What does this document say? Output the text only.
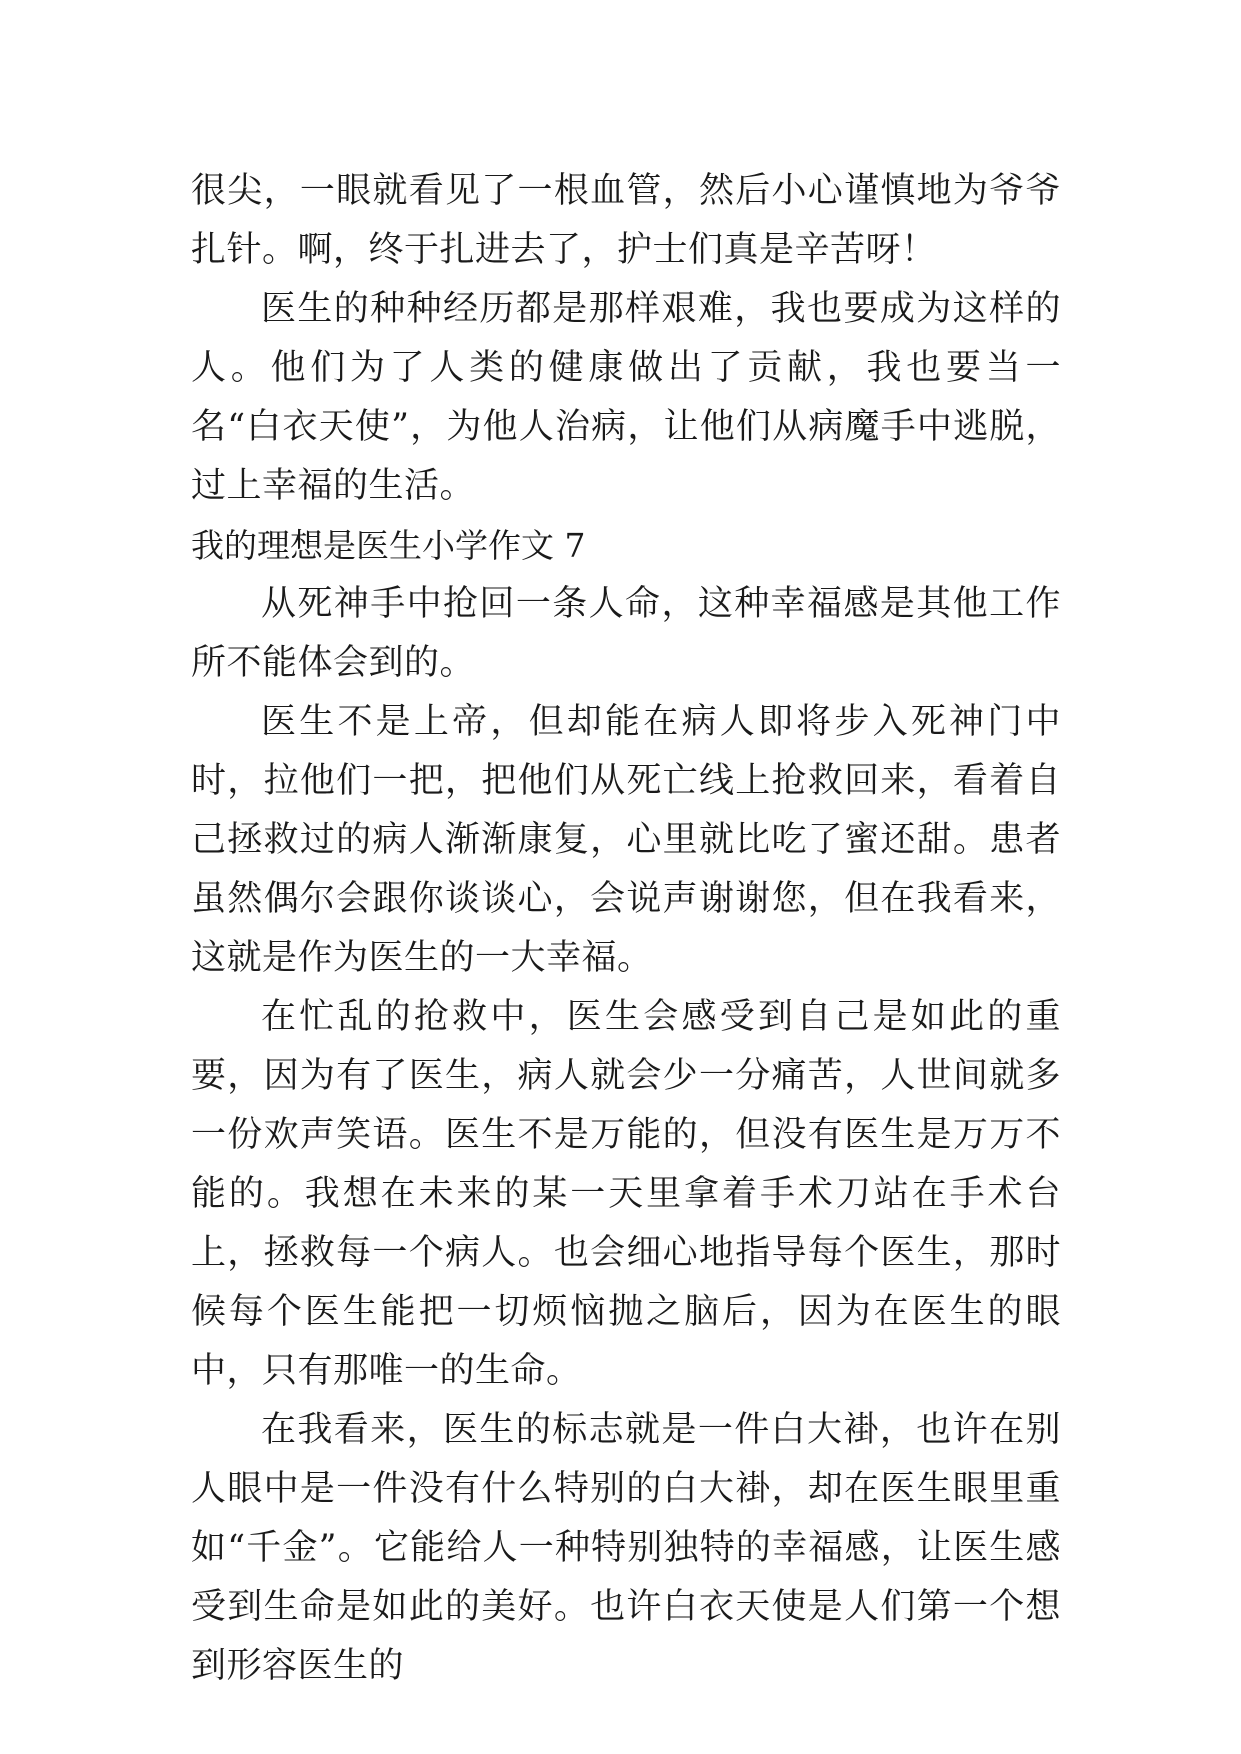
很尖，一眼就看见了一根血管，然后小心谨慎地为爷爷扎针。啊，终于扎进去了，护士们真是辛苦呀！

医生的种种经历都是那样艰难，我也要成为这样的人。他们为了人类的健康做出了贡献，我也要当一名“白衣天使”，为他人治病，让他们从病魔手中逃脱，过上幸福的生活。

我的理想是医生小学作文 7

从死神手中抢回一条人命，这种幸福感是其他工作所不能体会到的。

医生不是上帝，但却能在病人即将步入死神门中时，拉他们一把，把他们从死亡线上抢救回来，看着自己拯救过的病人渐渐康复，心里就比吃了蜜还甜。患者虽然偶尔会跟你谈谈心，会说声谢谢您，但在我看来，这就是作为医生的一大幸福。

在忙乱的抢救中，医生会感受到自己是如此的重要，因为有了医生，病人就会少一分痛苦，人世间就多一份欢声笑语。医生不是万能的，但没有医生是万万不能的。我想在未来的某一天里拿着手术刀站在手术台上，拯救每一个病人。也会细心地指导每个医生，那时候每个医生能把一切烦恼抛之脑后，因为在医生的眼中，只有那唯一的生命。

在我看来，医生的标志就是一件白大褂，也许在别人眼中是一件没有什么特别的白大褂，却在医生眼里重如“千金”。它能给人一种特别独特的幸福感，让医生感受到生命是如此的美好。也许白衣天使是人们第一个想到形容医生的
